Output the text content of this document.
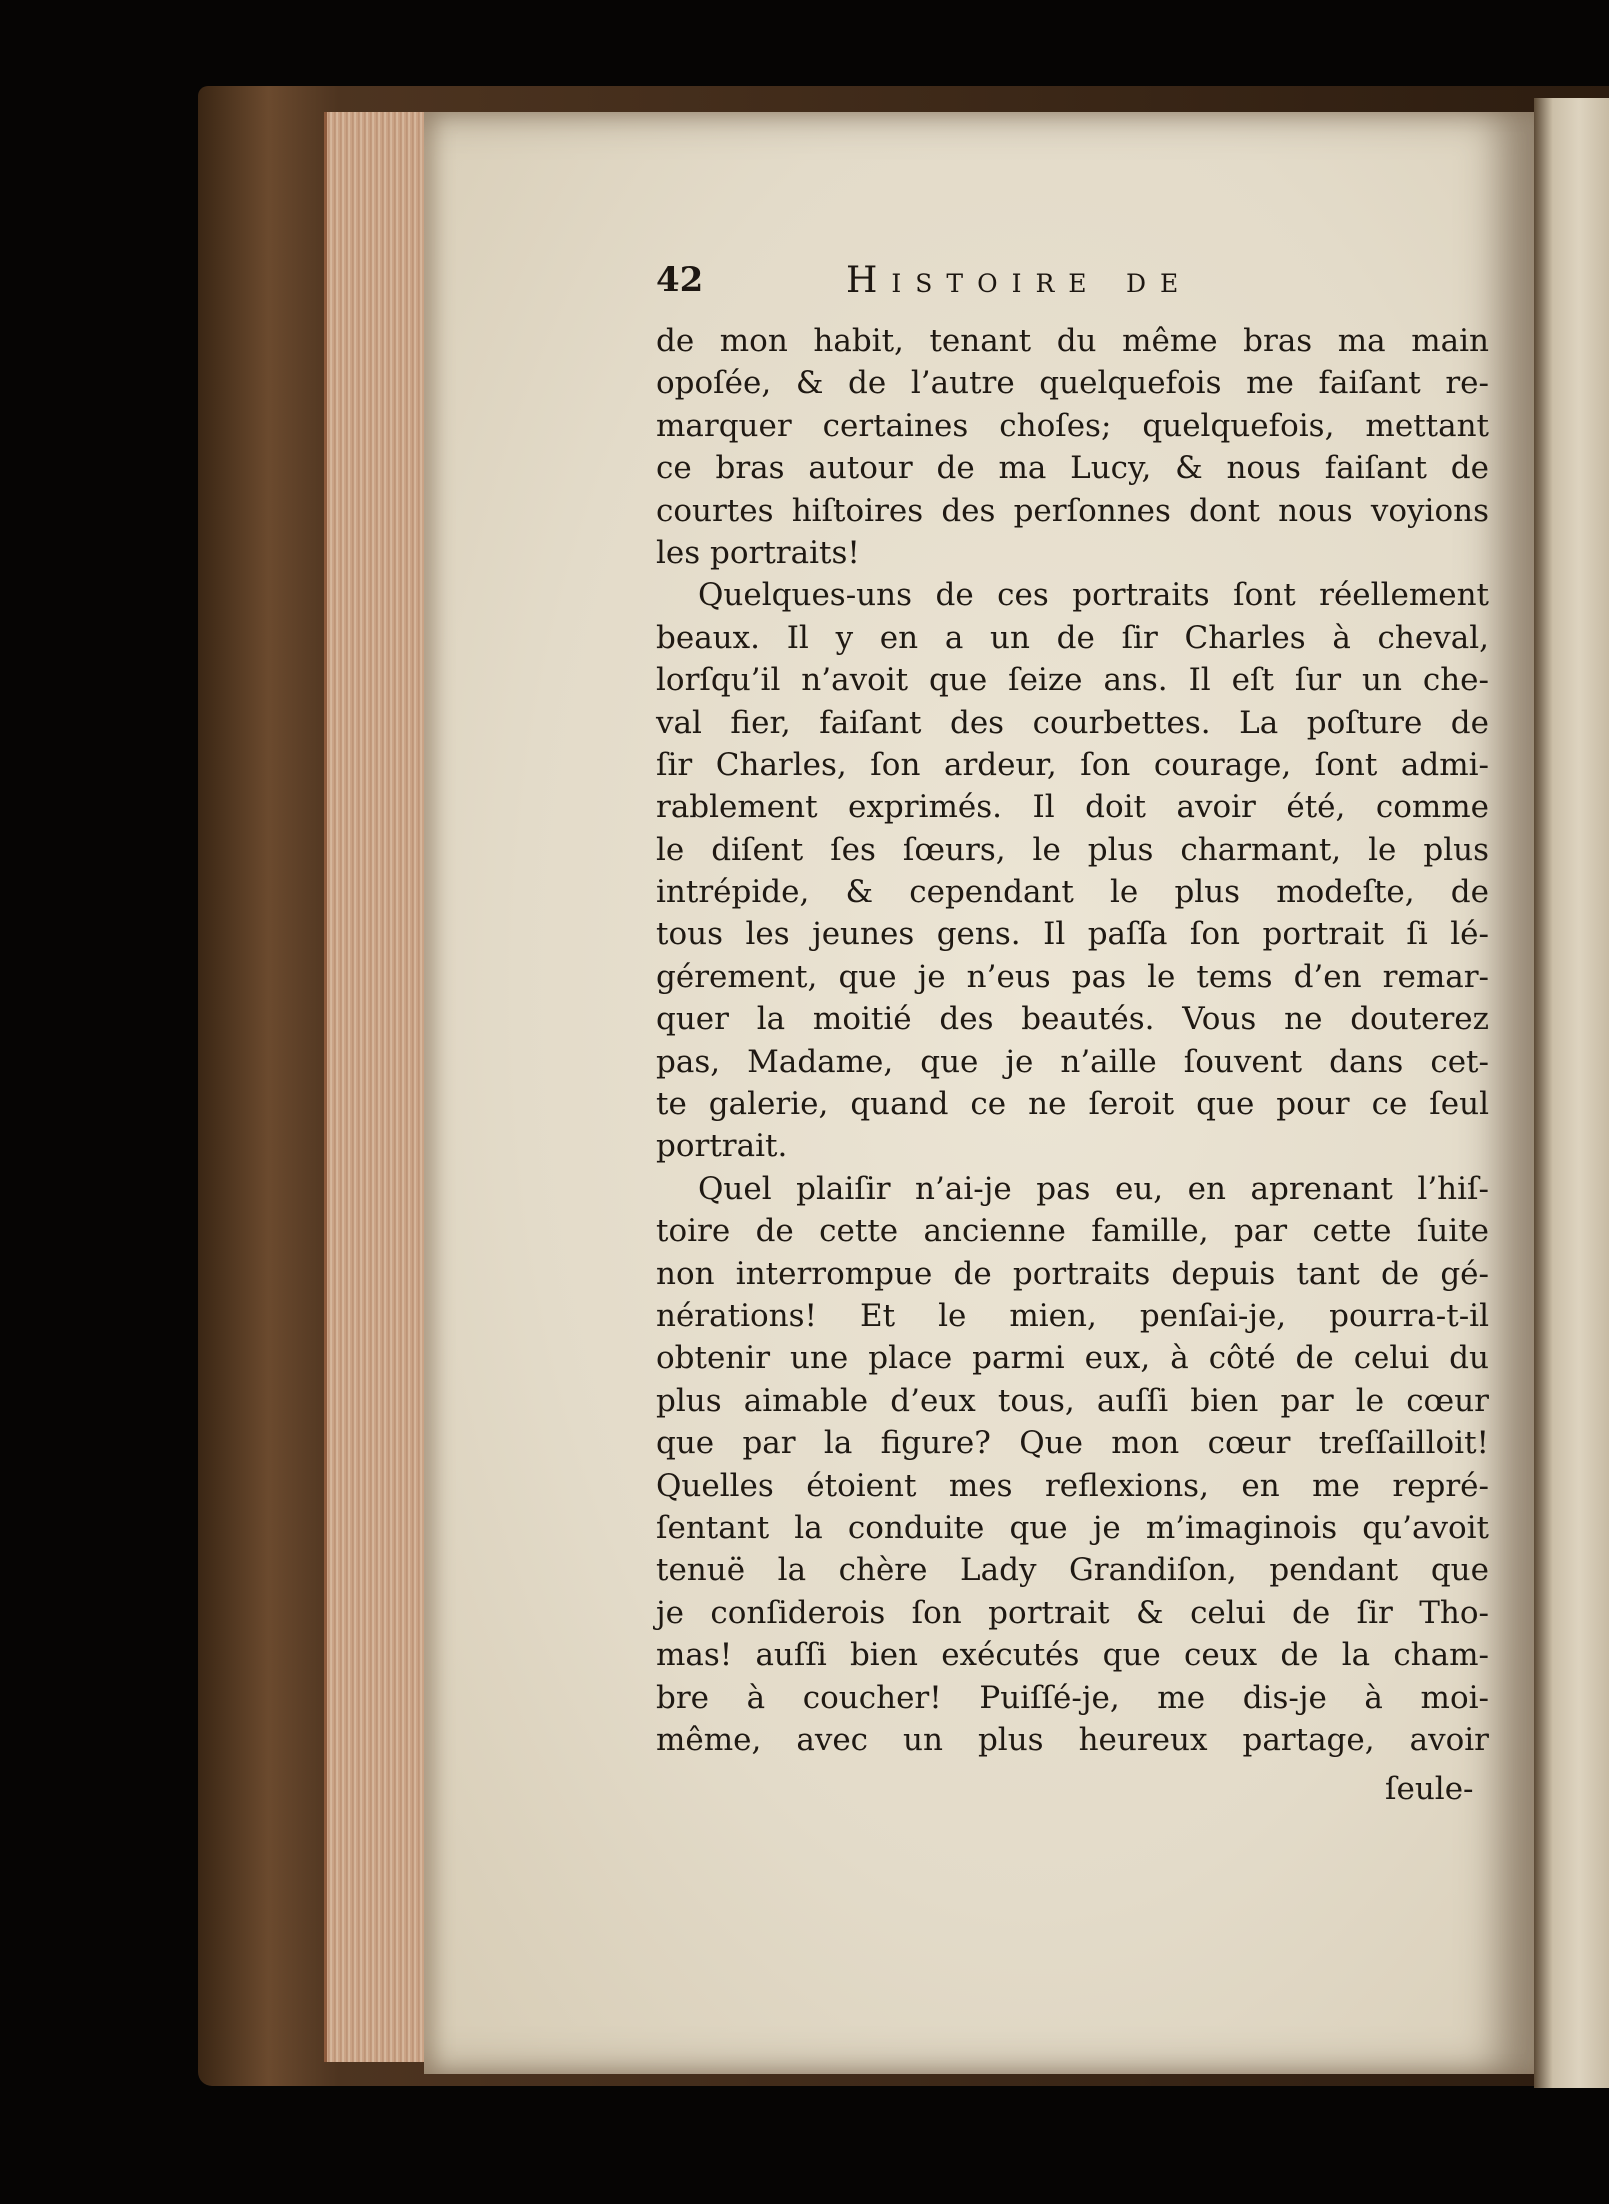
42	Histoire de
de mon habit, tenant du même bras ma main
opoſée, & de l’autre quelquefois me faiſant re-
marquer certaines choſes; quelquefois, mettant
ce bras autour de ma Lucy, & nous faiſant de
courtes hiſtoires des perſonnes dont nous voyions
les portraits!
Quelques-uns de ces portraits ſont réellement
beaux. Il y en a un de ſir Charles à cheval,
lorſqu’il n’avoit que ſeize ans. Il eſt ſur un che-
val fier, faiſant des courbettes. La poſture de
ſir Charles, ſon ardeur, ſon courage, ſont admi-
rablement exprimés. Il doit avoir été, comme
le diſent ſes ſœurs, le plus charmant, le plus
intrépide, & cependant le plus modeſte, de
tous les jeunes gens. Il paſſa ſon portrait ſi lé-
gérement, que je n’eus pas le tems d’en remar-
quer la moitié des beautés. Vous ne douterez
pas, Madame, que je n’aille ſouvent dans cet-
te galerie, quand ce ne ſeroit que pour ce ſeul
portrait.
Quel plaiſir n’ai-je pas eu, en aprenant l’hiſ-
toire de cette ancienne famille, par cette ſuite
non interrompue de portraits depuis tant de gé-
nérations! Et le mien, penſai-je, pourra-t-il
obtenir une place parmi eux, à côté de celui du
plus aimable d’eux tous, auſſi bien par le cœur
que par la figure? Que mon cœur treſſailloit!
Quelles étoient mes reflexions, en me repré-
ſentant la conduite que je m’imaginois qu’avoit
tenuë la chère Lady Grandiſon, pendant que
je conſiderois ſon portrait & celui de ſir Tho-
mas! auſſi bien exécutés que ceux de la cham-
bre à coucher! Puiſſé-je, me dis-je à moi-
même, avec un plus heureux partage, avoir
ſeule-
